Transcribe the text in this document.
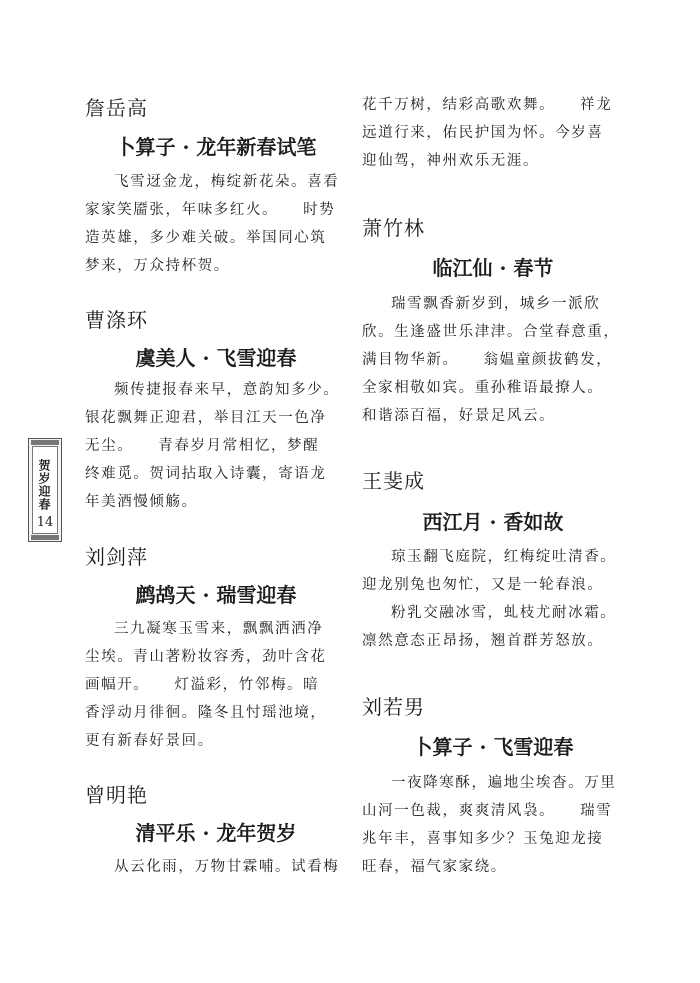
贺岁迎春
14
詹岳高
卜算子 · 龙年新春试笔
飞雪迓金龙，梅绽新花朵。喜看
家家笑靥张，年味多红火。　　时势
造英雄，多少难关破。举国同心筑
梦来，万众持杯贺。
曹涤环
虞美人 · 飞雪迎春
频传捷报春来早，意韵知多少。
银花飘舞正迎君，举目江天一色净
无尘。　　青春岁月常相忆，梦醒
终难觅。贺词拈取入诗囊，寄语龙
年美酒慢倾觞。
刘剑萍
鹧鸪天 · 瑞雪迎春
三九凝寒玉雪来，飘飘洒洒净
尘埃。青山著粉妆容秀，劲叶含花
画幅开。　　灯溢彩，竹邻梅。暗
香浮动月徘徊。隆冬且忖瑶池境，
更有新春好景回。
曾明艳
清平乐 · 龙年贺岁
从云化雨，万物甘霖哺。试看梅
花千万树，结彩高歌欢舞。　　祥龙
远道行来，佑民护国为怀。今岁喜
迎仙驾，神州欢乐无涯。
萧竹林
临江仙 · 春节
瑞雪飘香新岁到，城乡一派欣
欣。生逢盛世乐津津。合堂春意重，
满目物华新。　　翁媪童颜拔鹤发，
全家相敬如宾。重孙稚语最撩人。
和谐添百福，好景足风云。
王斐成
西江月 · 香如故
琼玉翻飞庭院，红梅绽吐清香。
迎龙别兔也匆忙，又是一轮春浪。
粉乳交融冰雪，虬枝尤耐冰霜。
凛然意态正昂扬，翘首群芳怒放。
刘若男
卜算子 · 飞雪迎春
一夜降寒酥，遍地尘埃杳。万里
山河一色裁，爽爽清风袅。　　瑞雪
兆年丰，喜事知多少？玉兔迎龙接
旺春，福气家家绕。
